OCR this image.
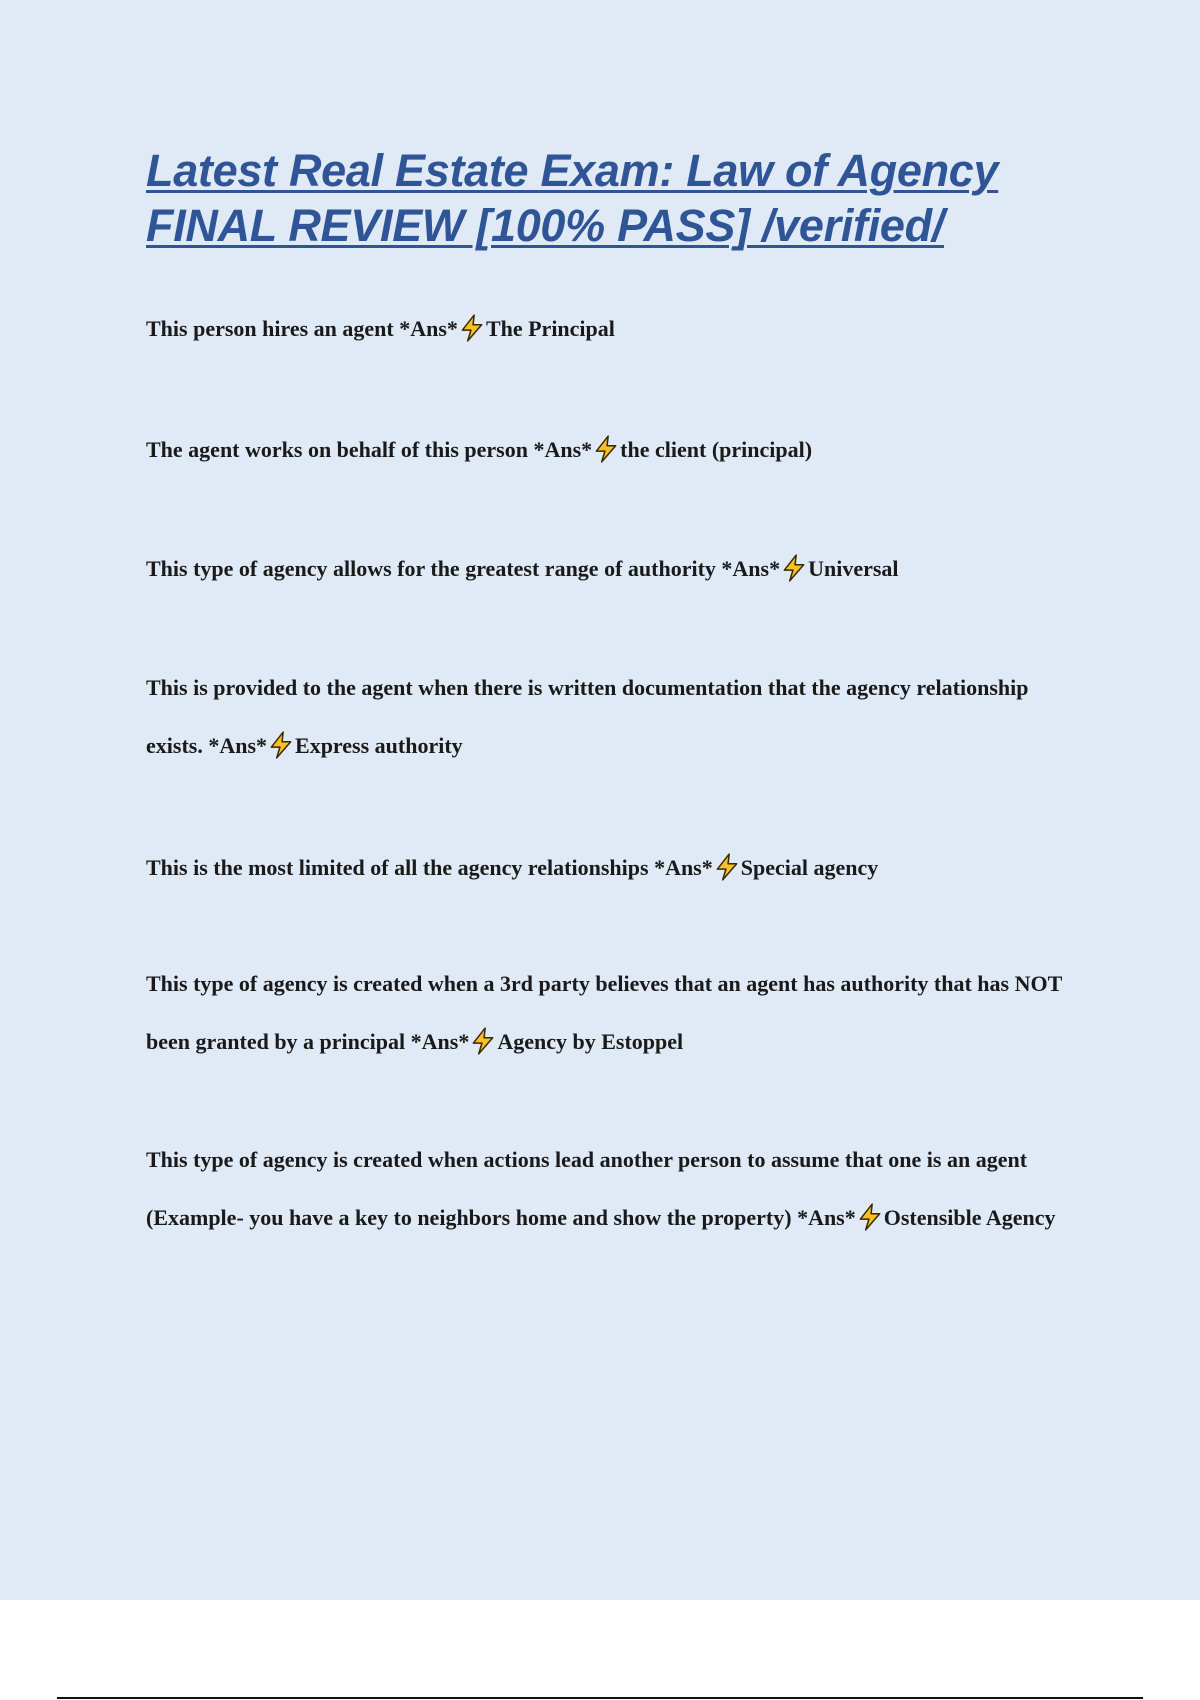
Latest Real Estate Exam: Law of Agency FINAL REVIEW [100% PASS] /verified/

This person hires an agent *Ans* The Principal

The agent works on behalf of this person *Ans* the client (principal)

This type of agency allows for the greatest range of authority *Ans* Universal

This is provided to the agent when there is written documentation that the agency relationship exists. *Ans* Express authority

This is the most limited of all the agency relationships *Ans* Special agency

This type of agency is created when a 3rd party believes that an agent has authority that has NOT been granted by a principal *Ans* Agency by Estoppel

This type of agency is created when actions lead another person to assume that one is an agent (Example- you have a key to neighbors home and show the property) *Ans* Ostensible Agency
